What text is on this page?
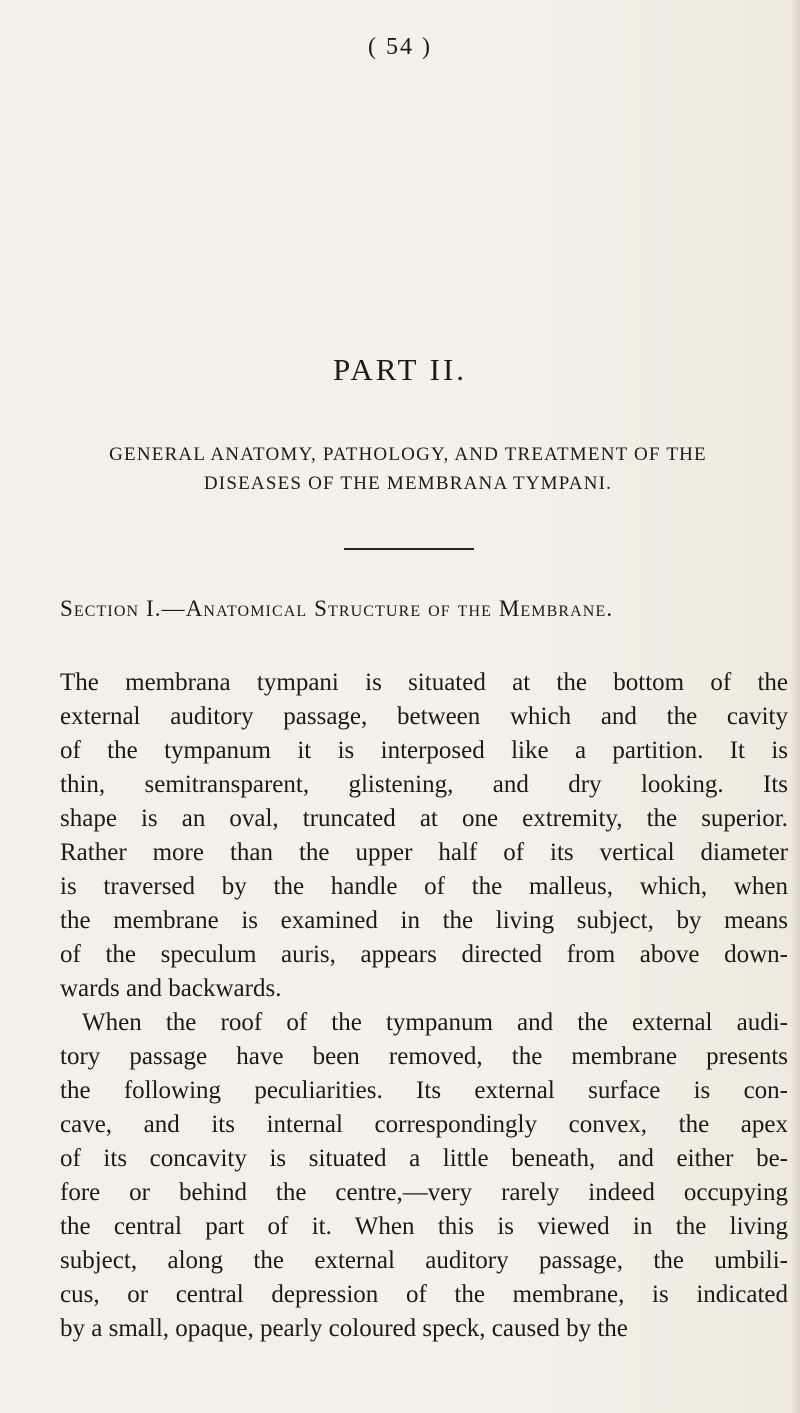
( 54 )
PART II.
GENERAL ANATOMY, PATHOLOGY, AND TREATMENT OF THE
DISEASES OF THE MEMBRANA TYMPANI.
Section I.—Anatomical Structure of the Membrane.
The membrana tympani is situated at the bottom of the
external auditory passage, between which and the cavity
of the tympanum it is interposed like a partition. It is
thin, semitransparent, glistening, and dry looking. Its
shape is an oval, truncated at one extremity, the superior.
Rather more than the upper half of its vertical diameter
is traversed by the handle of the malleus, which, when
the membrane is examined in the living subject, by means
of the speculum auris, appears directed from above down-
wards and backwards.
When the roof of the tympanum and the external audi-
tory passage have been removed, the membrane presents
the following peculiarities. Its external surface is con-
cave, and its internal correspondingly convex, the apex
of its concavity is situated a little beneath, and either be-
fore or behind the centre,—very rarely indeed occupying
the central part of it. When this is viewed in the living
subject, along the external auditory passage, the umbili-
cus, or central depression of the membrane, is indicated
by a small, opaque, pearly coloured speck, caused by the
